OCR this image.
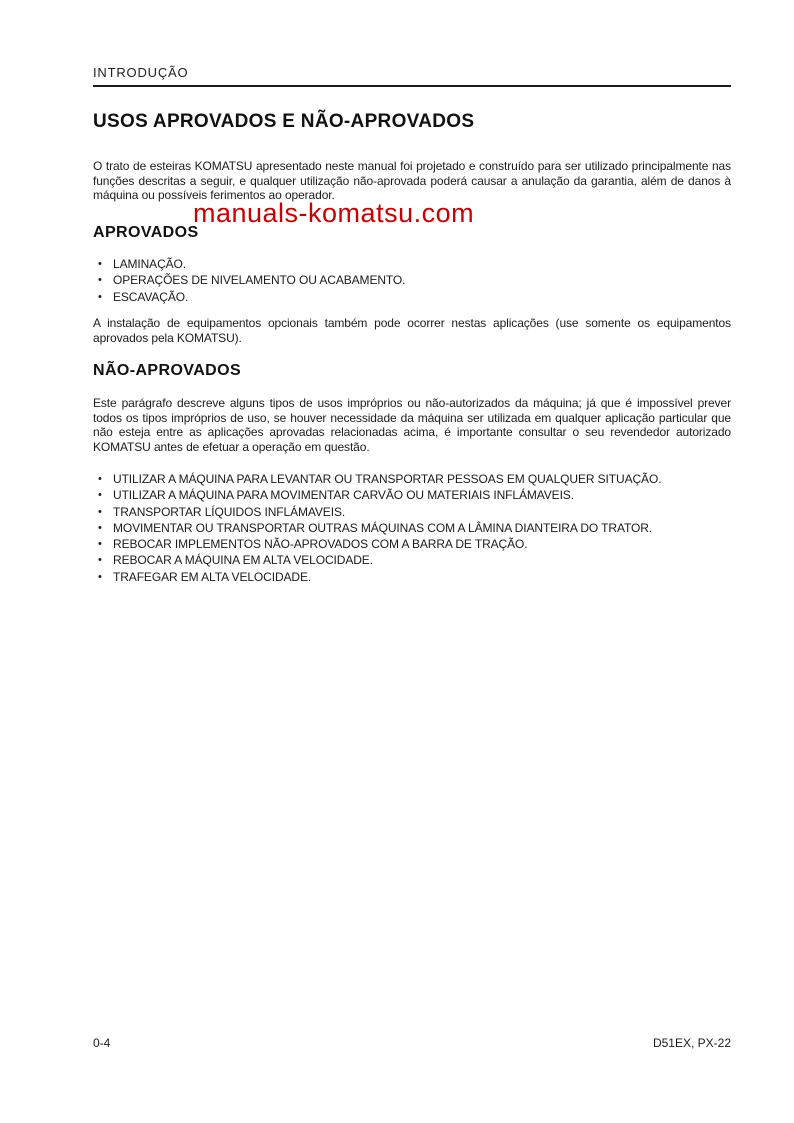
INTRODUÇÃO
USOS APROVADOS E NÃO-APROVADOS

O trato de esteiras KOMATSU apresentado neste manual foi projetado e construído para ser utilizado principalmente nas funções descritas a seguir, e qualquer utilização não-aprovada poderá causar a anulação da garantia, além de danos à máquina ou possíveis ferimentos ao operador.

manuals-komatsu.com
APROVADOS
• LAMINAÇÃO.
• OPERAÇÕES DE NIVELAMENTO OU ACABAMENTO.
• ESCAVAÇÃO.

A instalação de equipamentos opcionais também pode ocorrer nestas aplicações (use somente os equipamentos aprovados pela KOMATSU).

NÃO-APROVADOS

Este parágrafo descreve alguns tipos de usos impróprios ou não-autorizados da máquina; já que é impossível prever todos os tipos impróprios de uso, se houver necessidade da máquina ser utilizada em qualquer aplicação particular que não esteja entre as aplicações aprovadas relacionadas acima, é importante consultar o seu revendedor autorizado KOMATSU antes de efetuar a operação em questão.

• UTILIZAR A MÁQUINA PARA LEVANTAR OU TRANSPORTAR PESSOAS EM QUALQUER SITUAÇÃO.
• UTILIZAR A MÁQUINA PARA MOVIMENTAR CARVÃO OU MATERIAIS INFLÁMAVEIS.
• TRANSPORTAR LÍQUIDOS INFLÁMAVEIS.
• MOVIMENTAR OU TRANSPORTAR OUTRAS MÁQUINAS COM A LÂMINA DIANTEIRA DO TRATOR.
• REBOCAR IMPLEMENTOS NÃO-APROVADOS COM A BARRA DE TRAÇÃO.
• REBOCAR A MÁQUINA EM ALTA VELOCIDADE.
• TRAFEGAR EM ALTA VELOCIDADE.
0-4	D51EX, PX-22
